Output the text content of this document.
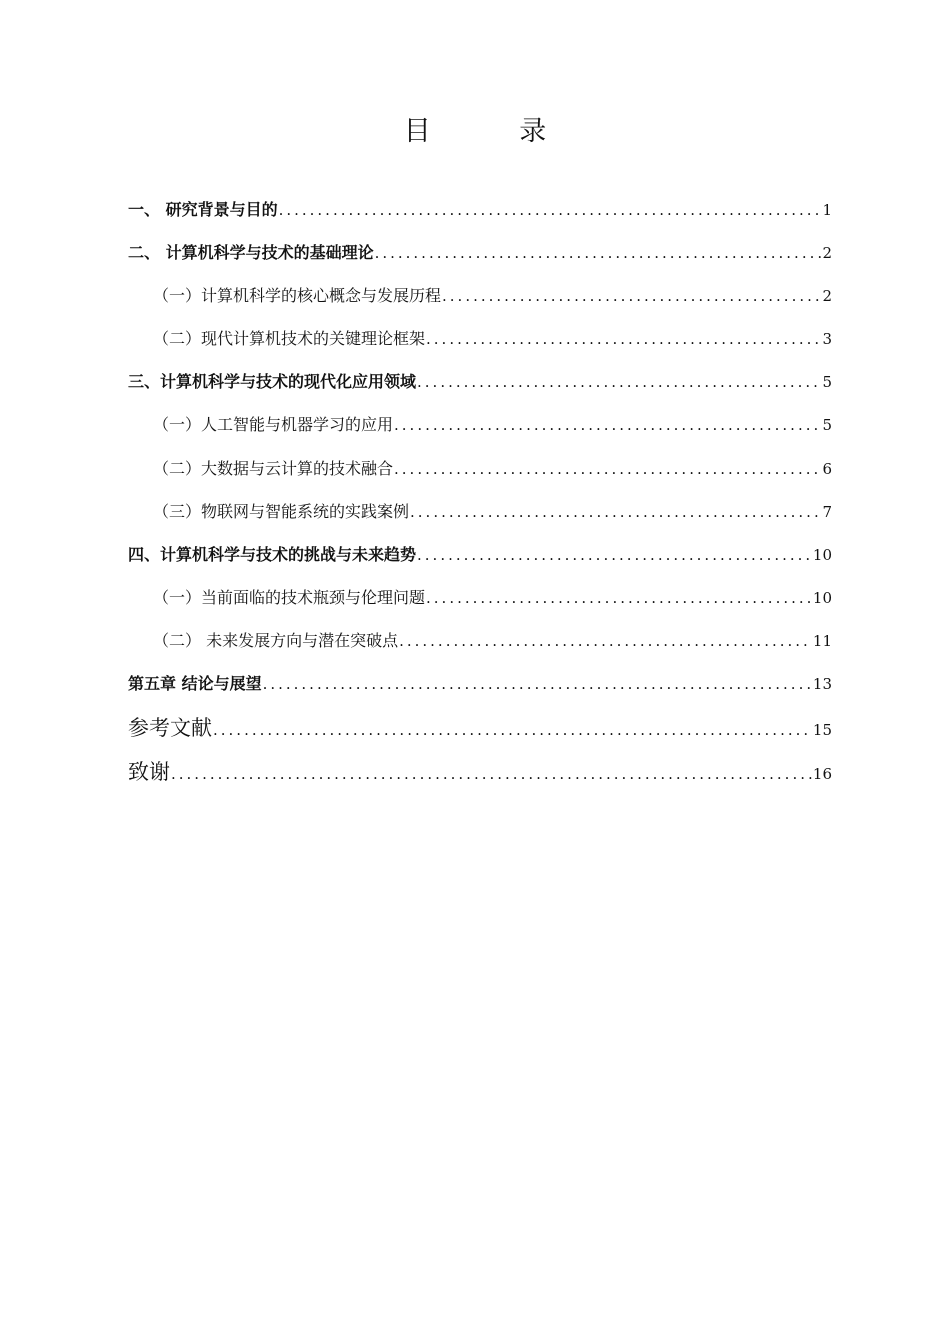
目 录
一、 研究背景与目的 .....	1
二、 计算机科学与技术的基础理论 .....	2
（一）计算机科学的核心概念与发展历程 .....	2
（二）现代计算机技术的关键理论框架 .....	3
三、计算机科学与技术的现代化应用领域 .....	5
（一）人工智能与机器学习的应用 .....	5
（二）大数据与云计算的技术融合 .....	6
（三）物联网与智能系统的实践案例 .....	7
四、计算机科学与技术的挑战与未来趋势 .....	10
（一）当前面临的技术瓶颈与伦理问题 .....	10
（二） 未来发展方向与潜在突破点 .....	11
第五章 结论与展望 .....	13
参考文献 .....	15
致谢 .....	16
